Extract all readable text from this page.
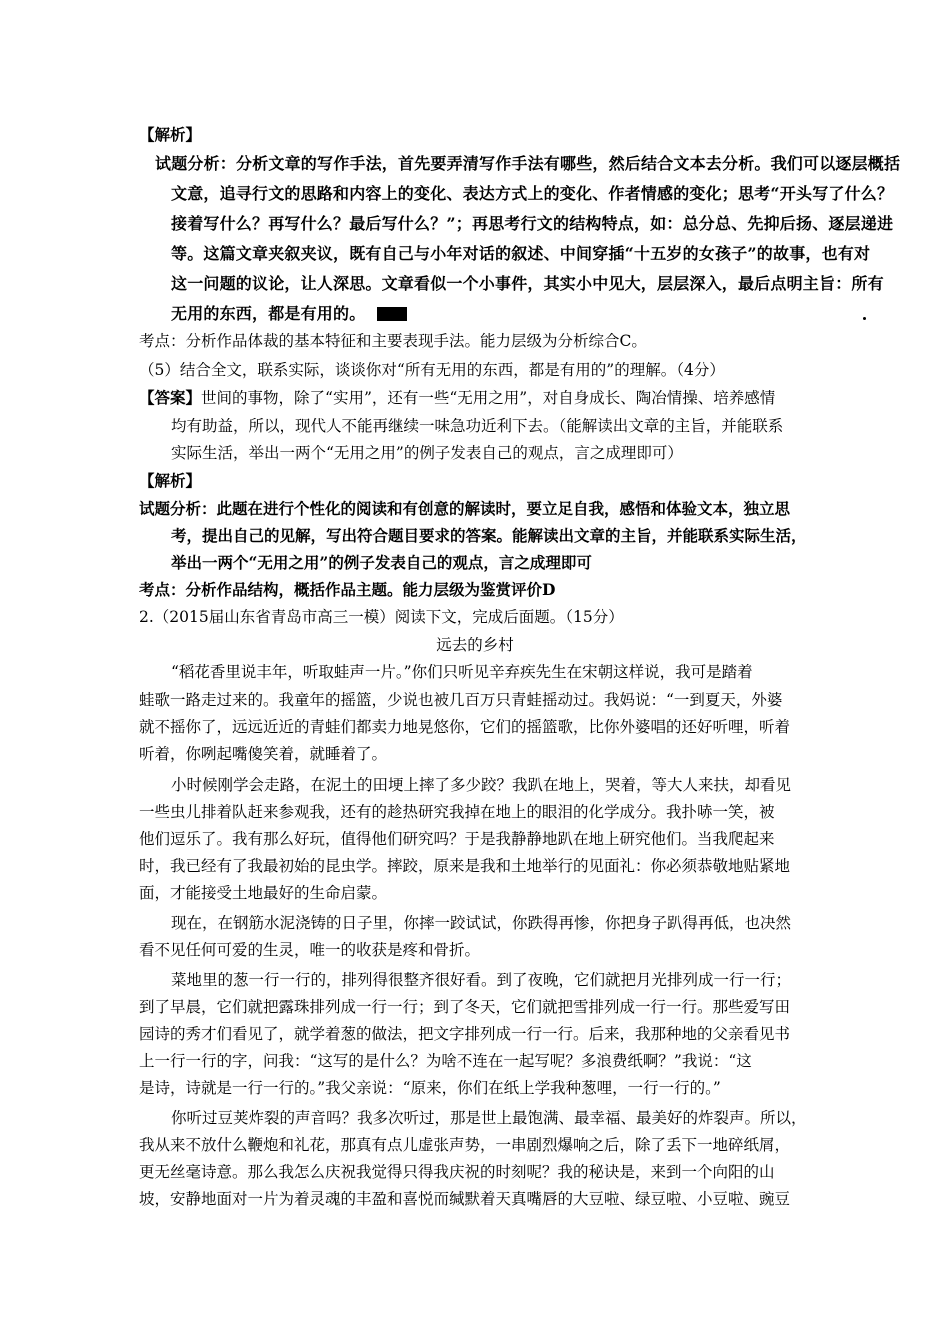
【解析】
试题分析：分析文章的写作手法，首先要弄清写作手法有哪些，然后结合文本去分析。我们可以逐层概括
文意，追寻行文的思路和内容上的变化、表达方式上的变化、作者情感的变化；思考“开头写了什么？
接着写什么？再写什么？最后写什么？”；再思考行文的结构特点，如：总分总、先抑后扬、逐层递进
等。这篇文章夹叙夹议，既有自己与小年对话的叙述、中间穿插“十五岁的女孩子”的故事，也有对
这一问题的议论，让人深思。文章看似一个小事件，其实小中见大，层层深入，最后点明主旨：所有
无用的东西，都是有用的。
考点：分析作品体裁的基本特征和主要表现手法。能力层级为分析综合C。
（5）结合全文，联系实际，谈谈你对“所有无用的东西，都是有用的”的理解。（4分）
【答案】世间的事物，除了“实用”，还有一些“无用之用”，对自身成长、陶冶情操、培养感情
均有助益，所以，现代人不能再继续一味急功近利下去。（能解读出文章的主旨，并能联系
实际生活，举出一两个“无用之用”的例子发表自己的观点，言之成理即可）
【解析】
试题分析：此题在进行个性化的阅读和有创意的解读时，要立足自我，感悟和体验文本，独立思
考，提出自己的见解，写出符合题目要求的答案。能解读出文章的主旨，并能联系实际生活，
举出一两个“无用之用”的例子发表自己的观点，言之成理即可
考点：分析作品结构，概括作品主题。能力层级为鉴赏评价D
2.（2015届山东省青岛市高三一模）阅读下文，完成后面题。（15分）
远去的乡村
“稻花香里说丰年，听取蛙声一片。”你们只听见辛弃疾先生在宋朝这样说，我可是踏着
蛙歌一路走过来的。我童年的摇篮，少说也被几百万只青蛙摇动过。我妈说：“一到夏天，外婆
就不摇你了，远远近近的青蛙们都卖力地晃悠你，它们的摇篮歌，比你外婆唱的还好听哩，听着
听着，你咧起嘴傻笑着，就睡着了。
小时候刚学会走路，在泥土的田埂上摔了多少跤？我趴在地上，哭着，等大人来扶，却看见
一些虫儿排着队赶来参观我，还有的趁热研究我掉在地上的眼泪的化学成分。我扑哧一笑，被
他们逗乐了。我有那么好玩，值得他们研究吗？于是我静静地趴在地上研究他们。当我爬起来
时，我已经有了我最初始的昆虫学。摔跤，原来是我和土地举行的见面礼：你必须恭敬地贴紧地
面，才能接受土地最好的生命启蒙。
现在，在钢筋水泥浇铸的日子里，你摔一跤试试，你跌得再惨，你把身子趴得再低，也决然
看不见任何可爱的生灵，唯一的收获是疼和骨折。
菜地里的葱一行一行的，排列得很整齐很好看。到了夜晚，它们就把月光排列成一行一行；
到了早晨，它们就把露珠排列成一行一行；到了冬天，它们就把雪排列成一行一行。那些爱写田
园诗的秀才们看见了，就学着葱的做法，把文字排列成一行一行。后来，我那种地的父亲看见书
上一行一行的字，问我：“这写的是什么？为啥不连在一起写呢？多浪费纸啊？”我说：“这
是诗，诗就是一行一行的。”我父亲说：“原来，你们在纸上学我种葱哩，一行一行的。”
你听过豆荚炸裂的声音吗？我多次听过，那是世上最饱满、最幸福、最美好的炸裂声。所以，
我从来不放什么鞭炮和礼花，那真有点儿虚张声势，一串剧烈爆响之后，除了丢下一地碎纸屑，
更无丝毫诗意。那么我怎么庆祝我觉得只得我庆祝的时刻呢？我的秘诀是，来到一个向阳的山
坡，安静地面对一片为着灵魂的丰盈和喜悦而缄默着天真嘴唇的大豆啦、绿豆啦、小豆啦、豌豆
